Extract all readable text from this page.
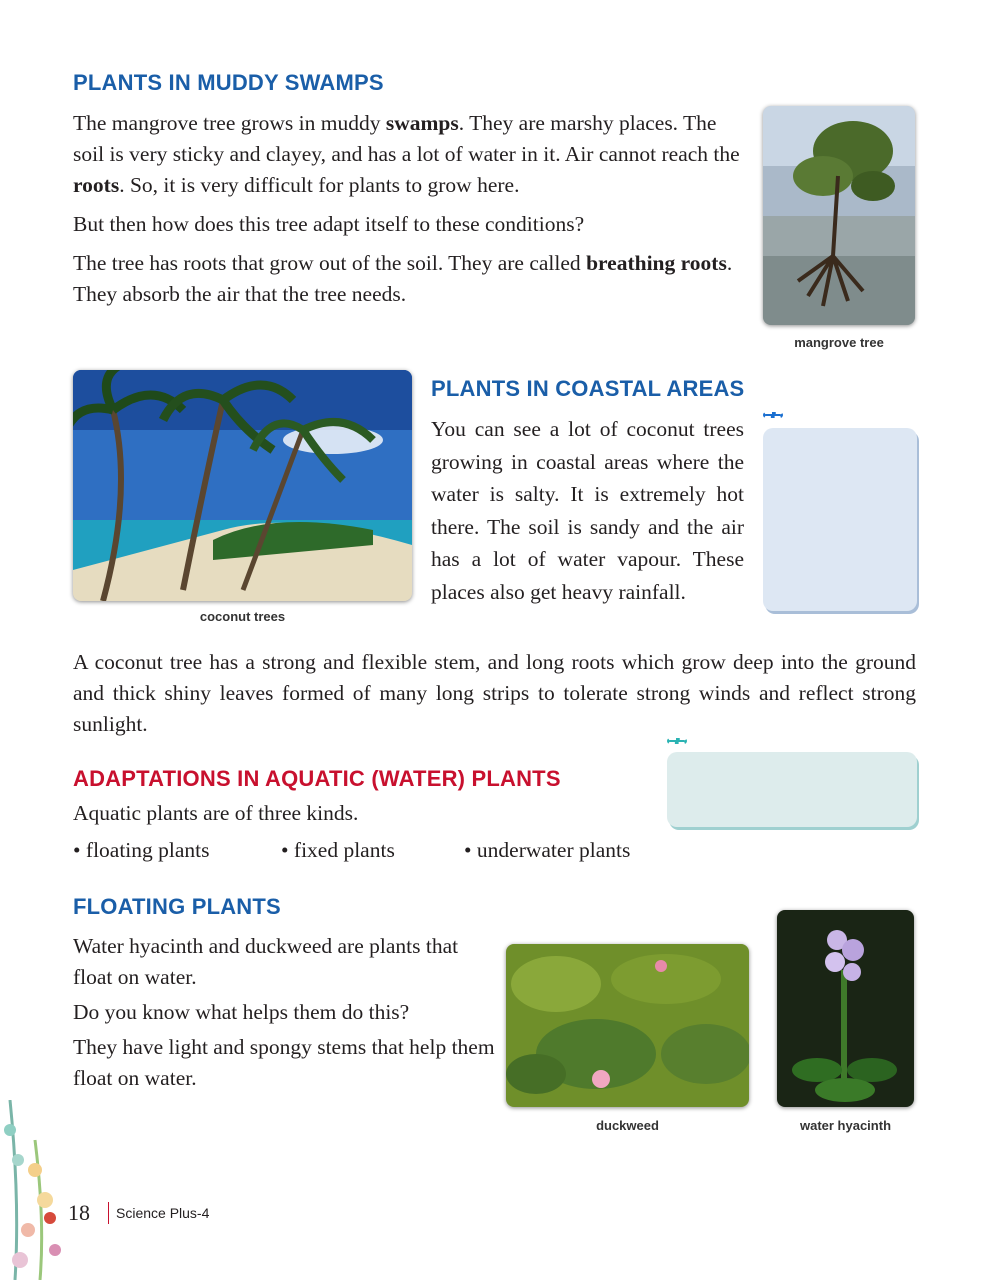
PLANTS IN MUDDY SWAMPS

The mangrove tree grows in muddy swamps. They are marshy places. The soil is very sticky and clayey, and has a lot of water in it. Air cannot reach the roots. So, it is very difficult for plants to grow here.

But then how does this tree adapt itself to these conditions?

The tree has roots that grow out of the soil. They are called breathing roots. They absorb the air that the tree needs.

mangrove tree
coconut trees
PLANTS IN COASTAL AREAS

You can see a lot of coconut trees growing in coastal areas where the water is salty. It is extremely hot there. The soil is sandy and the air has a lot of water vapour. These places also get heavy rainfall.

A coconut tree has a strong and flexible stem, and long roots which grow deep into the ground and thick shiny leaves formed of many long strips to tolerate strong winds and reflect strong sunlight.

ADAPTATIONS IN AQUATIC (WATER) PLANTS

Aquatic plants are of three kinds.

• floating plants	• fixed plants	• underwater plants
FLOATING PLANTS

Water hyacinth and duckweed are plants that float on water.

Do you know what helps them do this?

They have light and spongy stems that help them float on water.

duckweed	water hyacinth
18 Science Plus-4
